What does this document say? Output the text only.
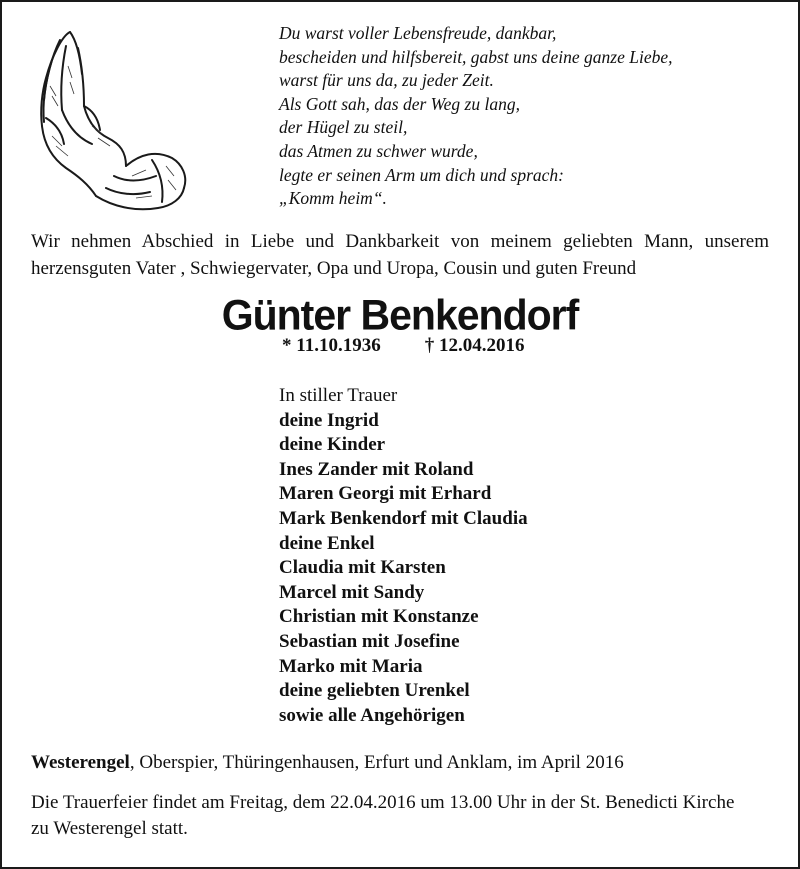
Du warst voller Lebensfreude, dankbar,
bescheiden und hilfsbereit, gabst uns deine ganze Liebe,
warst für uns da, zu jeder Zeit.
Als Gott sah, das der Weg zu lang,
der Hügel zu steil,
das Atmen zu schwer wurde,
legte er seinen Arm um dich und sprach:
„Komm heim“.
Wir nehmen Abschied in Liebe und Dankbarkeit von meinem geliebten Mann, unserem
herzensguten Vater , Schwiegervater, Opa und Uropa, Cousin und guten Freund
Günter Benkendorf
* 11.10.1936 † 12.04.2016
In stiller Trauer
deine Ingrid
deine Kinder
Ines Zander mit Roland
Maren Georgi mit Erhard
Mark Benkendorf mit Claudia
deine Enkel
Claudia mit Karsten
Marcel mit Sandy
Christian mit Konstanze
Sebastian mit Josefine
Marko mit Maria
deine geliebten Urenkel
sowie alle Angehörigen
Westerengel, Oberspier, Thüringenhausen, Erfurt und Anklam, im April 2016
Die Trauerfeier findet am Freitag, dem 22.04.2016 um 13.00 Uhr in der St. Benedicti Kirche
zu Westerengel statt.
